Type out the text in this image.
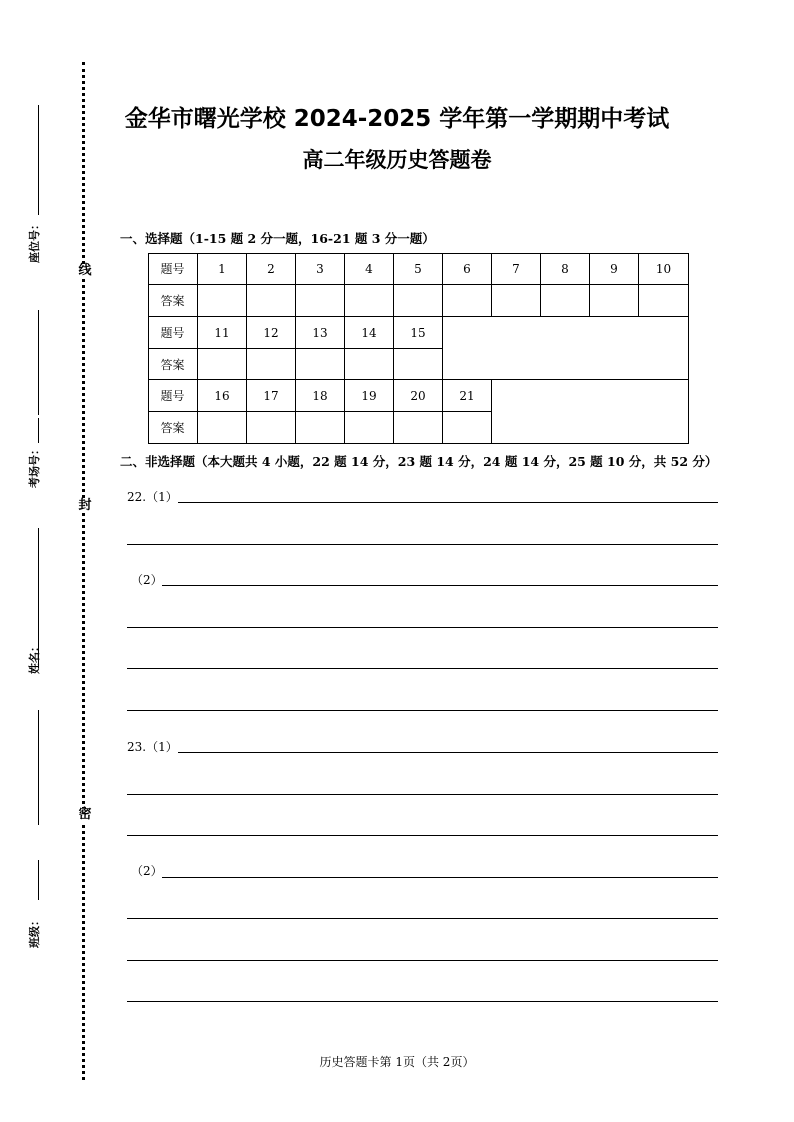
线
封
密
座位号：
考场号：
姓名：
班级：
金华市曙光学校 2024-2025 学年第一学期期中考试
高二年级历史答题卷
一、选择题（1-15 题 2 分一题，16-21 题 3 分一题）
题号	1	2	3	4	5	6	7	8	9	10
答案
题号	11	12	13	14	15
答案
题号	16	17	18	19	20	21
答案
二、非选择题（本大题共 4 小题，22 题 14 分，23 题 14 分，24 题 14 分，25 题 10 分，共 52 分）
22.（1）
（2）
23.（1）
（2）
历史答题卡第 1页（共 2页）
